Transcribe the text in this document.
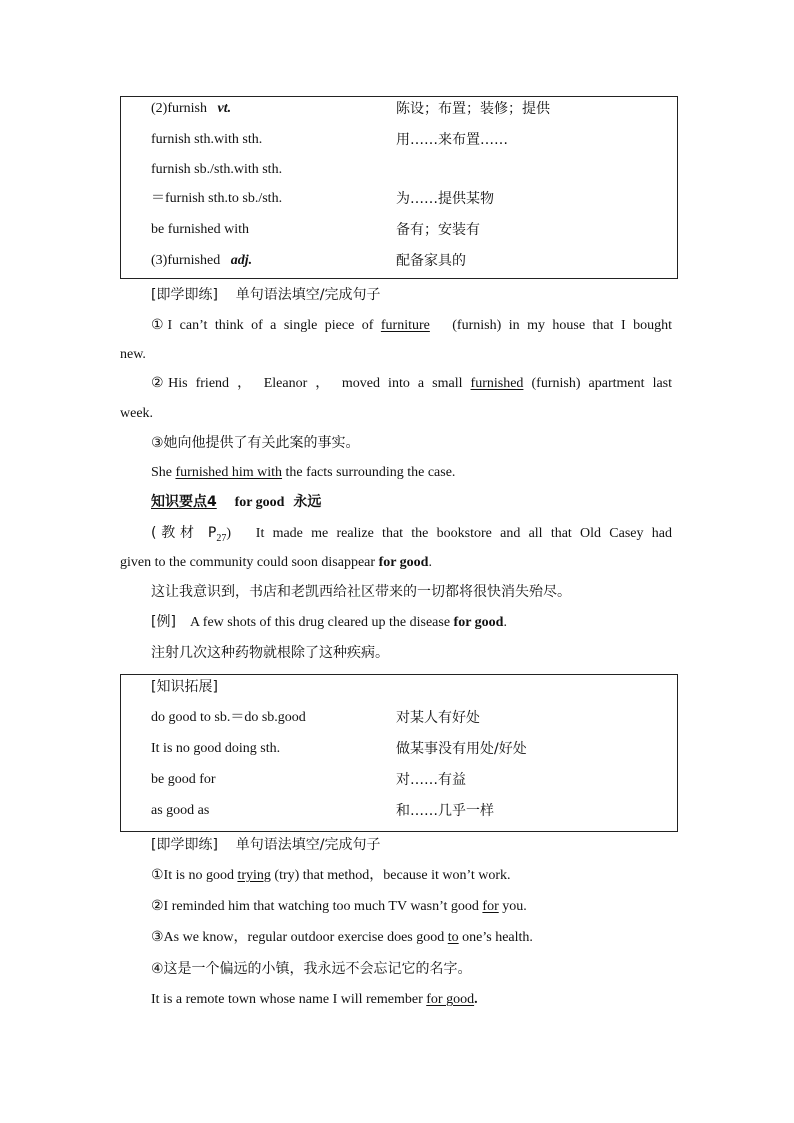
(2)furnish vt.	陈设；布置；装修；提供
furnish sth.with sth.	用……来布置……
furnish sb./sth.with sth.
＝furnish sth.to sb./sth.	为……提供某物
be furnished with	备有；安装有
(3)furnished adj.	配备家具的
[即学即练] 单句语法填空/完成句子
①I can’t think of a single piece of furniture (furnish) in my house that I bought
new.
②His friend ， Eleanor ， moved into a small furnished (furnish) apartment last
week.
③她向他提供了有关此案的事实。
She furnished him with the facts surrounding the case.
知识要点4 for good 永远
(教材 $P_{27}$) It made me realize that the bookstore and all that Old Casey had
given to the community could soon disappear for good.
这让我意识到，书店和老凯西给社区带来的一切都将很快消失殆尽。
[例] A few shots of this drug cleared up the disease for good.
注射几次这种药物就根除了这种疾病。
[知识拓展]
do good to sb.＝do sb.good	对某人有好处
It is no good doing sth.	做某事没有用处/好处
be good for	对……有益
as good as	和……几乎一样
[即学即练] 单句语法填空/完成句子
①It is no good trying (try) that method，because it won’t work.
②I reminded him that watching too much TV wasn’t good for you.
③As we know，regular outdoor exercise does good to one’s health.
④这是一个偏远的小镇，我永远不会忘记它的名字。
It is a remote town whose name I will remember for good.
